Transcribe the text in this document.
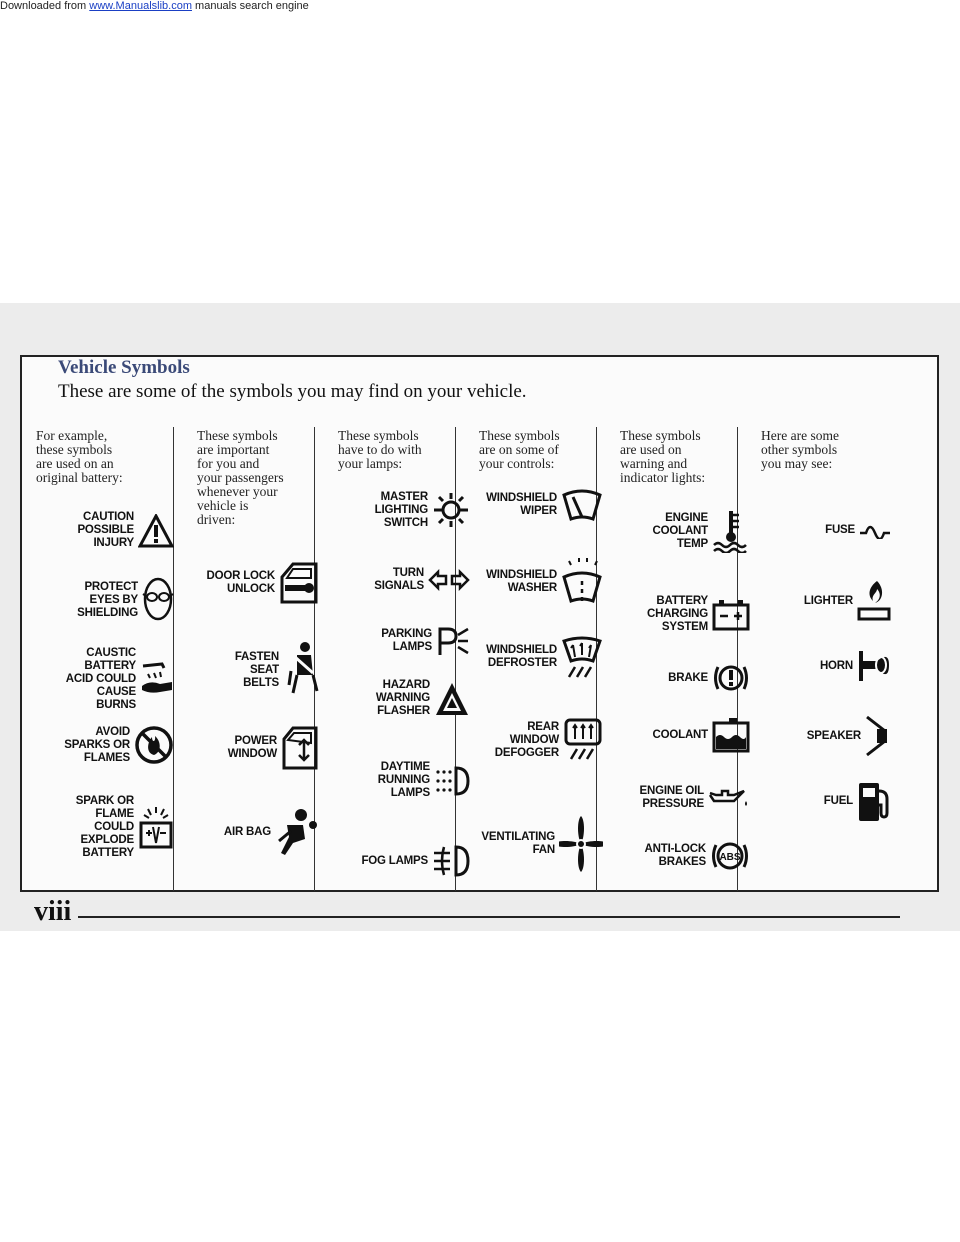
Downloaded from www.Manualslib.com manuals search engine
Vehicle Symbols
These are some of the symbols you may find on your vehicle.
For example,
these symbols
are used on an
original battery:
CAUTION
POSSIBLE
INJURY
PROTECT
EYES BY
SHIELDING
CAUSTIC
BATTERY
ACID COULD
CAUSE
BURNS
AVOID
SPARKS OR
FLAMES
SPARK OR
FLAME
COULD
EXPLODE
BATTERY
These symbols
are important
for you and
your passengers
whenever your
vehicle is
driven:
DOOR LOCK
UNLOCK
FASTEN
SEAT
BELTS
POWER
WINDOW
AIR BAG
These symbols
have to do with
your lamps:
MASTER
LIGHTING
SWITCH
TURN
SIGNALS
PARKING
LAMPS
HAZARD
WARNING
FLASHER
DAYTIME
RUNNING
LAMPS
FOG LAMPS
These symbols
are on some of
your controls:
WINDSHIELD
WIPER
WINDSHIELD
WASHER
WINDSHIELD
DEFROSTER
REAR
WINDOW
DEFOGGER
VENTILATING
FAN
These symbols
are used on
warning and
indicator lights:
ENGINE
COOLANT
TEMP
BATTERY
CHARGING
SYSTEM
BRAKE
COOLANT
ENGINE OIL
PRESSURE
ANTI-LOCK
BRAKES ABS
Here are some
other symbols
you may see:
FUSE
LIGHTER
HORN
SPEAKER
FUEL
viii
